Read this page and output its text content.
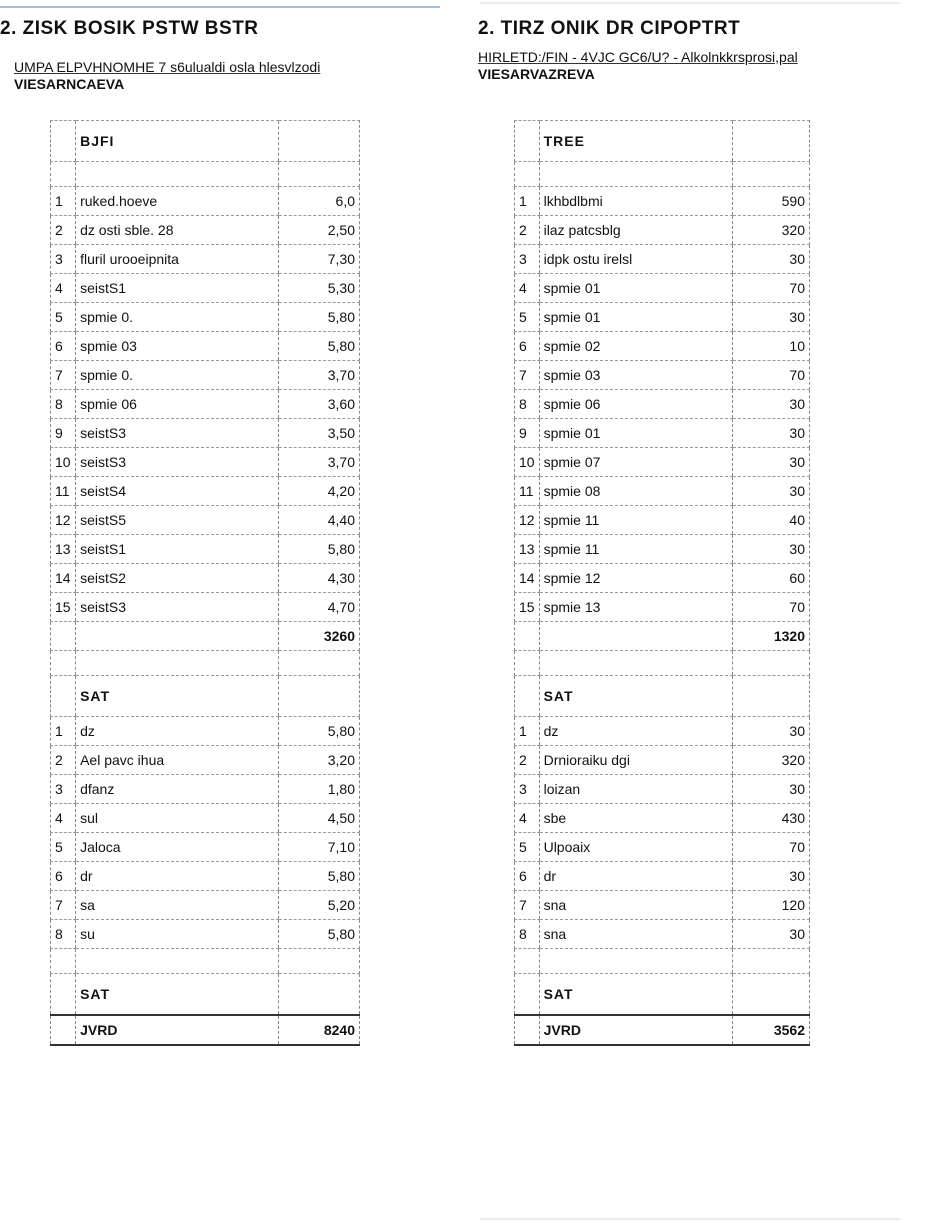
2. ZISK BOSIK PSTW BSTR
UMPA ELPVHNOMHE 7 s6ulualdi osla hlesvlzodi
VIESARNCAEVA
	BJFI	

1	ruked.hoeve	6,0
2	dz osti sble. 28	2,50
3	fluril urooeipnita	7,30
4	seistS1	5,30
5	spmie 0.	5,80
6	spmie 03	5,80
7	spmie 0.	3,70
8	spmie 06	3,60
9	seistS3	3,50
10	seistS3	3,70
11	seistS4	4,20
12	seistS5	4,40
13	seistS1	5,80
14	seistS2	4,30
15	seistS3	4,70
		3260

	SAT	
1	dz	5,80
2	Ael pavc ihua	3,20
3	dfanz	1,80
4	sul	4,50
5	Jaloca	7,10
6	dr	5,80
7	sa	5,20
8	su	5,80

	SAT	
	JVRD	8240
2. TIRZ ONIK DR CIPOPTRT
HIRLETD:/FIN - 4VJC GC6/U? - Alkolnkkrsprosi,pal
VIESARVAZREVA
	TREE	

1	lkhbdlbmi	590
2	ilaz patcsblg	320
3	idpk ostu irelsl	30
4	spmie 01	70
5	spmie 01	30
6	spmie 02	10
7	spmie 03	70
8	spmie 06	30
9	spmie 01	30
10	spmie 07	30
11	spmie 08	30
12	spmie 11	40
13	spmie 11	30
14	spmie 12	60
15	spmie 13	70
		1320

	SAT	
1	dz	30
2	Drnioraiku dgi	320
3	loizan	30
4	sbe	430
5	Ulpoaix	70
6	dr	30
7	sna	120
8	sna	30

	SAT	
	JVRD	3562
